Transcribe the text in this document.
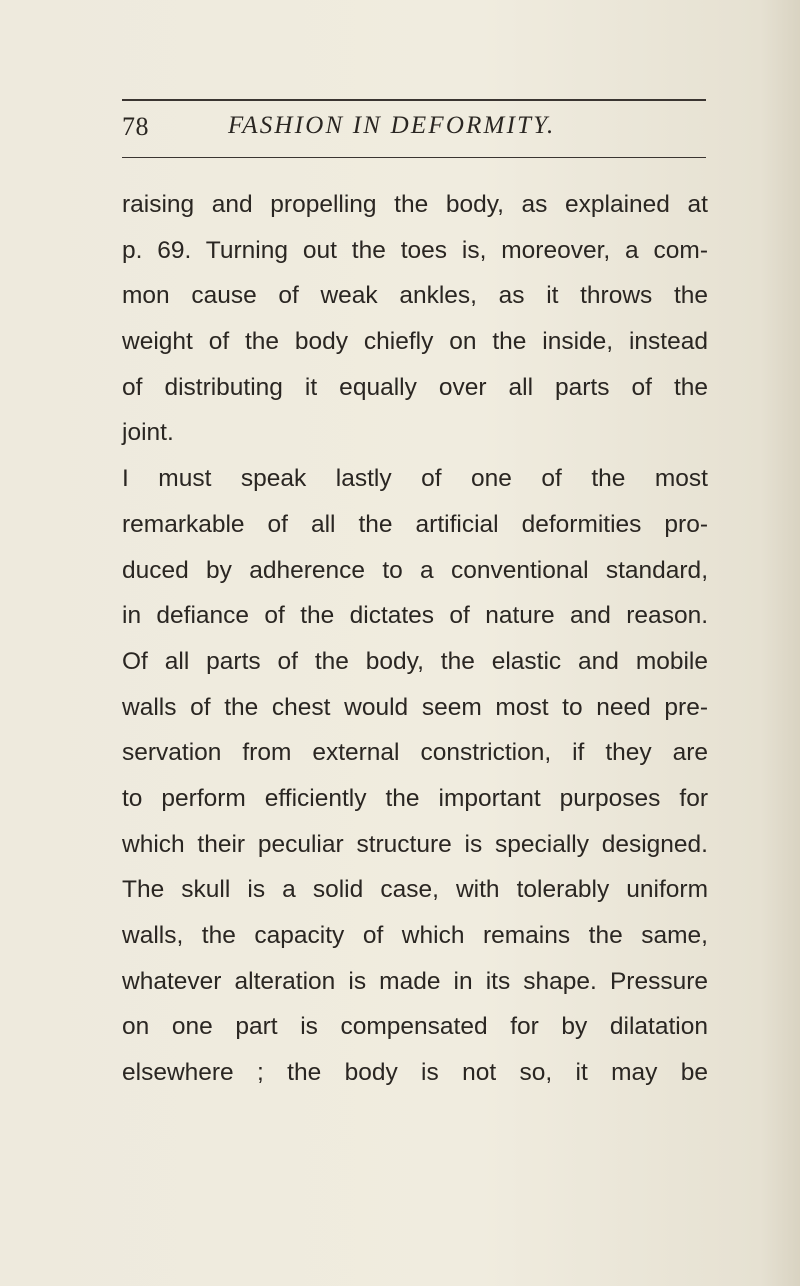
78	FASHION IN DEFORMITY.
raising and propelling the body, as explained at
p. 69. Turning out the toes is, moreover, a com-
mon cause of weak ankles, as it throws the
weight of the body chiefly on the inside, instead
of distributing it equally over all parts of the
joint.
I must speak lastly of one of the most
remarkable of all the artificial deformities pro-
duced by adherence to a conventional standard,
in defiance of the dictates of nature and reason.
Of all parts of the body, the elastic and mobile
walls of the chest would seem most to need pre-
servation from external constriction, if they are
to perform efficiently the important purposes for
which their peculiar structure is specially designed.
The skull is a solid case, with tolerably uniform
walls, the capacity of which remains the same,
whatever alteration is made in its shape. Pressure
on one part is compensated for by dilatation
elsewhere ; the body is not so, it may be
